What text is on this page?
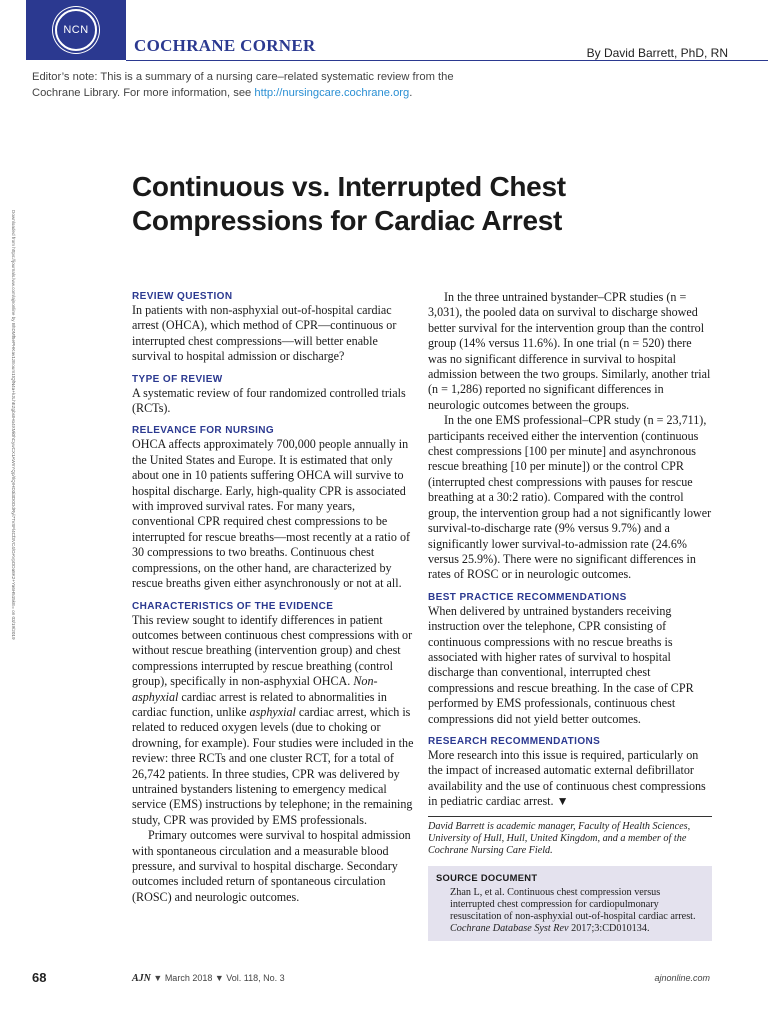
NCN
COCHRANE CORNER	By David Barrett, PhD, RN
Editor’s note: This is a summary of a nursing care–related systematic review from the Cochrane Library. For more information, see http://nursingcare.cochrane.org.
Continuous vs. Interrupted Chest
Compressions for Cardiac Arrest
Downloaded from https://journals.lww.com/ajnonline by BhDMf5ePHKav1zEoum1tQfN4a+kJLhEZgbsIHo4XMi0hCywCX1AWnYQp/IlQrHD3i3D0OdRyi7TvSFl4Cf3VC4/OAVpDDa8K2+Ya6H515kE= on 03/19/2019	REVIEW QUESTION

In patients with non-asphyxial out-of-hospital cardiac arrest (OHCA), which method of CPR—continuous or interrupted chest compressions—will better enable survival to hospital admission or discharge?

TYPE OF REVIEW

A systematic review of four randomized controlled trials (RCTs).

RELEVANCE FOR NURSING

OHCA affects approximately 700,000 people annually in the United States and Europe. It is estimated that only about one in 10 patients suffering OHCA will survive to hospital discharge. Early, high-quality CPR is associated with improved survival rates. For many years, conventional CPR required chest compressions to be interrupted for rescue breaths—most recently at a ratio of 30 compressions to two breaths. Continuous chest compressions, on the other hand, are characterized by rescue breaths given either asynchronously or not at all.

CHARACTERISTICS OF THE EVIDENCE

This review sought to identify differences in patient outcomes between continuous chest compressions with or without rescue breathing (intervention group) and chest compressions interrupted by rescue breathing (control group), specifically in non-asphyxial OHCA. Non-asphyxial cardiac arrest is related to abnormalities in cardiac function, unlike asphyxial cardiac arrest, which is related to reduced oxygen levels (due to choking or drowning, for example). Four studies were included in the review: three RCTs and one cluster RCT, for a total of 26,742 patients. In three studies, CPR was delivered by untrained bystanders listening to emergency medical service (EMS) instructions by telephone; in the remaining study, CPR was provided by EMS professionals.

Primary outcomes were survival to hospital admission with spontaneous circulation and a measurable blood pressure, and survival to hospital discharge. Secondary outcomes included return of spontaneous circulation (ROSC) and neurologic outcomes.

In the three untrained bystander–CPR studies (n = 3,031), the pooled data on survival to discharge showed better survival for the intervention group than the control group (14% versus 11.6%). In one trial (n = 520) there was no significant difference in survival to hospital admission between the two groups. Similarly, another trial (n = 1,286) reported no significant differences in neurologic outcomes between the groups.

In the one EMS professional–CPR study (n = 23,711), participants received either the intervention (continuous chest compressions [100 per minute] and asynchronous rescue breathing [10 per minute]) or the control CPR (interrupted chest compressions with pauses for rescue breathing at a 30:2 ratio). Compared with the control group, the intervention group had a not significantly lower survival-to-discharge rate (9% versus 9.7%) and a significantly lower survival-to-admission rate (24.6% versus 25.9%). There were no significant differences in rates of ROSC or in neurologic outcomes.

BEST PRACTICE RECOMMENDATIONS

When delivered by untrained bystanders receiving instruction over the telephone, CPR consisting of continuous compressions with no rescue breaths is associated with higher rates of survival to hospital discharge than conventional, interrupted chest compressions and rescue breathing. In the case of CPR performed by EMS professionals, continuous chest compressions did not yield better outcomes.

RESEARCH RECOMMENDATIONS

More research into this issue is required, particularly on the impact of increased automatic external defibrillator availability and the use of continuous chest compressions in pediatric cardiac arrest. ▼

David Barrett is academic manager, Faculty of Health Sciences, University of Hull, Hull, United Kingdom, and a member of the Cochrane Nursing Care Field.

SOURCE DOCUMENT

Zhan L, et al. Continuous chest compression versus interrupted chest compression for cardiopulmonary resuscitation of non-asphyxial out-of-hospital cardiac arrest. Cochrane Database Syst Rev 2017;3:CD010134.

68	AJN ▼ March 2018 ▼ Vol. 118, No. 3	ajnonline.com
